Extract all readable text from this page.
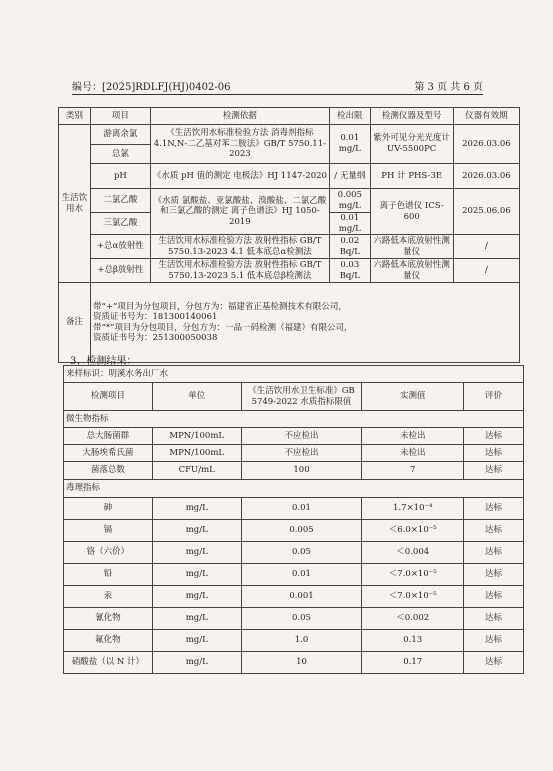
编号：[2025]RDLFJ(HJ)0402-06	第 3 页 共 6 页
类别	项目	检测依据	检出限	检测仪器及型号	仪器有效期
生活饮用水	游离余氯	《生活饮用水标准检验方法 消毒剂指标 4.1N,N-二乙基对苯二胺法》GB/T 5750.11-2023	0.01 mg/L	紫外可见分光光度计 UV-5500PC	2026.03.06
	总氯				
	pH	《水质 pH 值的测定 电极法》HJ 1147-2020	/ 无量纲	PH 计 PHS-3E	2026.03.06
	二氯乙酸	《水质 氯酸盐、亚氯酸盐、溴酸盐、二氯乙酸和三氯乙酸的测定 离子色谱法》HJ 1050-2019	0.005 mg/L	离子色谱仪 ICS-600	2025.06.06
	三氯乙酸		0.01 mg/L		
	+总α放射性	生活饮用水标准检验方法 放射性指标 GB/T 5750.13-2023 4.1 低本底总α检测法	0.02 Bq/L	六路低本底放射性测量仪	/
	+总β放射性	生活饮用水标准检验方法 放射性指标 GB/T 5750.13-2023 5.1 低本底总β检测法	0.03 Bq/L	六路低本底放射性测量仪	/
备注	带“+”项目为分包项目，分包方为：福建省正基检测技术有限公司，
资质证书号为：181300140061
带“*”项目为分包项目，分包方为：一品一码检测（福建）有限公司，
资质证书号为：251300050038				
3、检测结果：
来样标识：明溪水务出厂水				
检测项目	单位	《生活饮用水卫生标准》GB 5749-2022 水质指标限值	实测值	评价
微生物指标				
总大肠菌群	MPN/100mL	不应检出	未检出	达标
大肠埃希氏菌	MPN/100mL	不应检出	未检出	达标
菌落总数	CFU/mL	100	7	达标
毒理指标				
砷	mg/L	0.01	1.7×10⁻⁴	达标
镉	mg/L	0.005	＜6.0×10⁻⁵	达标
铬（六价）	mg/L	0.05	＜0.004	达标
铅	mg/L	0.01	＜7.0×10⁻⁵	达标
汞	mg/L	0.001	＜7.0×10⁻⁵	达标
氰化物	mg/L	0.05	＜0.002	达标
氟化物	mg/L	1.0	0.13	达标
硝酸盐（以 N 计）	mg/L	10	0.17	达标
